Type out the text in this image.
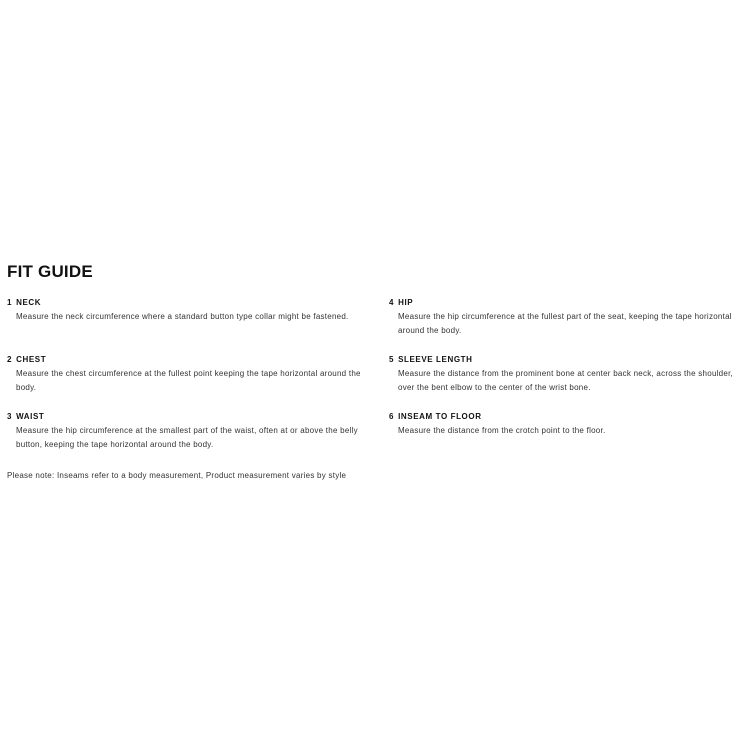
FIT GUIDE
1 NECK
Measure the neck circumference where a standard button type collar might be fastened.
2 CHEST
Measure the chest circumference at the fullest point keeping the tape horizontal around the body.
3 WAIST
Measure the hip circumference at the smallest part of the waist, often at or above the belly button, keeping the tape horizontal around the body.
4 HIP
Measure the hip circumference at the fullest part of the seat, keeping the tape horizontal around the body.
5 SLEEVE LENGTH
Measure the distance from the prominent bone at center back neck, across the shoulder, over the bent elbow to the center of the wrist bone.
6 INSEAM TO FLOOR
Measure the distance from the crotch point to the floor.
Please note: Inseams refer to a body measurement, Product measurement varies by style
